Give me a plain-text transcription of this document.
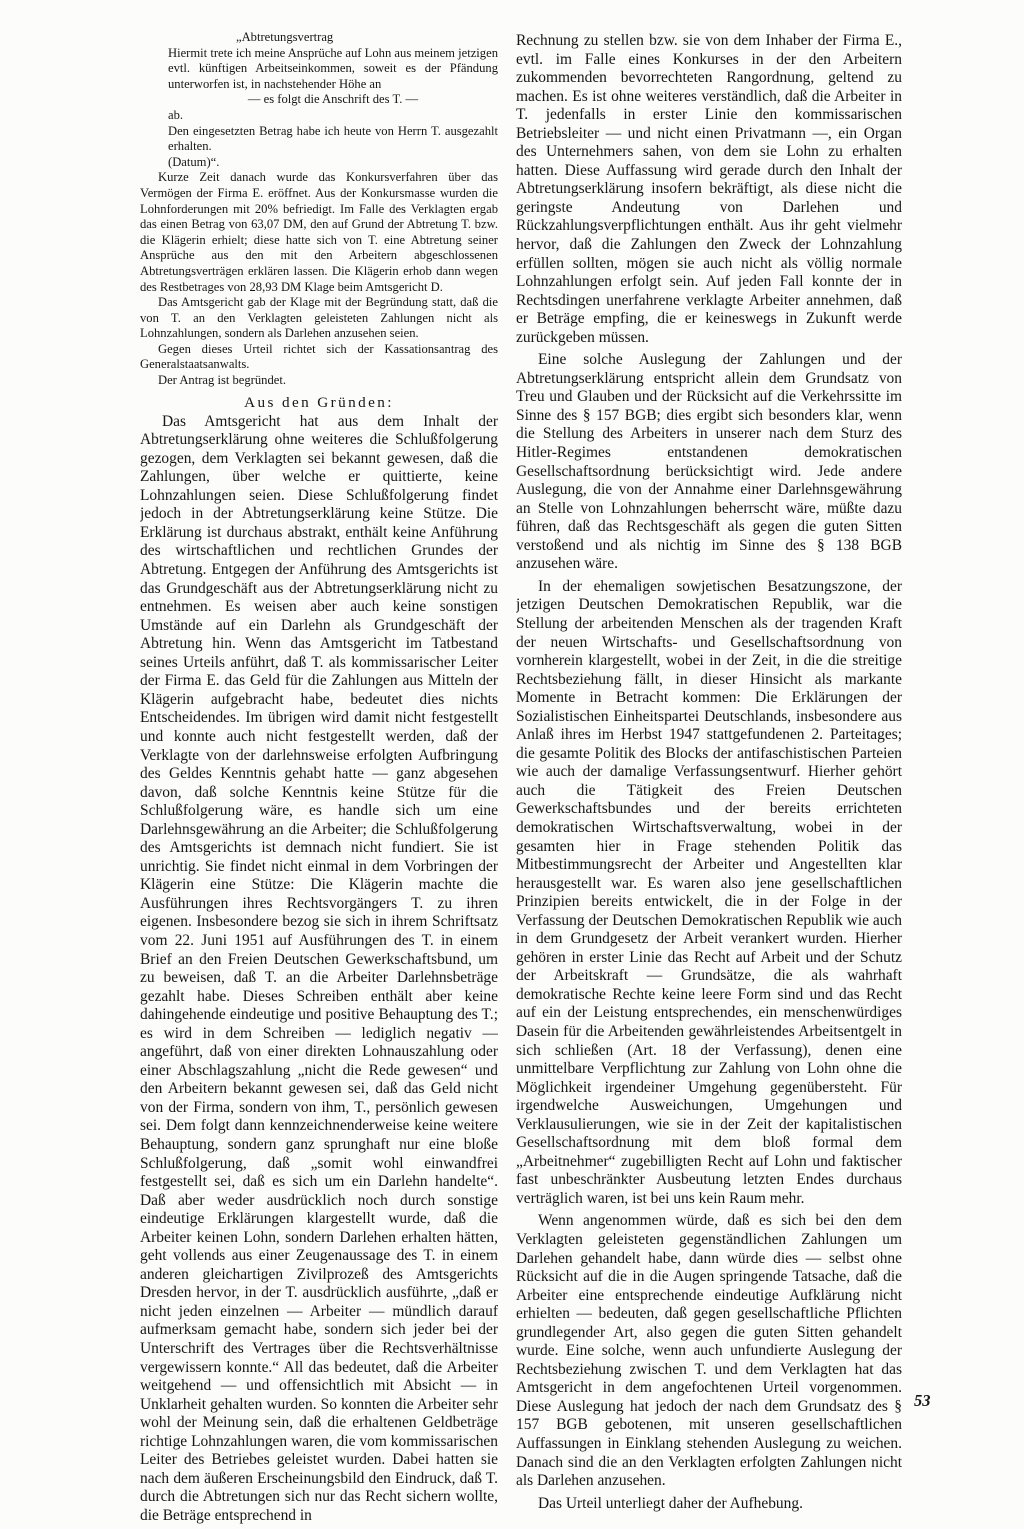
„Abtretungsvertrag

Hiermit trete ich meine Ansprüche auf Lohn aus meinem jetzigen evtl. künftigen Arbeitseinkommen, soweit es der Pfändung unterworfen ist, in nachstehender Höhe an

— es folgt die Anschrift des T. —

ab.

Den eingesetzten Betrag habe ich heute von Herrn T. ausgezahlt erhalten.

(Datum)“.

Kurze Zeit danach wurde das Konkursverfahren über das Vermögen der Firma E. eröffnet. Aus der Konkursmasse wurden die Lohnforderungen mit 20% befriedigt. Im Falle des Verklagten ergab das einen Betrag von 63,07 DM, den auf Grund der Abtretung T. bzw. die Klägerin erhielt; diese hatte sich von T. eine Abtretung seiner Ansprüche aus den mit den Arbeitern abgeschlossenen Abtretungsverträgen erklären lassen. Die Klägerin erhob dann wegen des Restbetrages von 28,93 DM Klage beim Amtsgericht D.

Das Amtsgericht gab der Klage mit der Begründung statt, daß die von T. an den Verklagten geleisteten Zahlungen nicht als Lohnzahlungen, sondern als Darlehen anzusehen seien.

Gegen dieses Urteil richtet sich der Kassationsantrag des Generalstaatsanwalts.

Der Antrag ist begründet.

Aus den Gründen:

Das Amtsgericht hat aus dem Inhalt der Abtretungserklärung ohne weiteres die Schlußfolgerung gezogen, dem Verklagten sei bekannt gewesen, daß die Zahlungen, über welche er quittierte, keine Lohnzahlungen seien. Diese Schlußfolgerung findet jedoch in der Abtretungserklärung keine Stütze. Die Erklärung ist durchaus abstrakt, enthält keine Anführung des wirtschaftlichen und rechtlichen Grundes der Abtretung. Entgegen der Anführung des Amtsgerichts ist das Grundgeschäft aus der Abtretungserklärung nicht zu entnehmen. Es weisen aber auch keine sonstigen Umstände auf ein Darlehn als Grundgeschäft der Abtretung hin. Wenn das Amtsgericht im Tatbestand seines Urteils anführt, daß T. als kommissarischer Leiter der Firma E. das Geld für die Zahlungen aus Mitteln der Klägerin aufgebracht habe, bedeutet dies nichts Entscheidendes. Im übrigen wird damit nicht festgestellt und konnte auch nicht festgestellt werden, daß der Verklagte von der darlehnsweise erfolgten Aufbringung des Geldes Kenntnis gehabt hatte — ganz abgesehen davon, daß solche Kenntnis keine Stütze für die Schlußfolgerung wäre, es handle sich um eine Darlehnsgewährung an die Arbeiter; die Schlußfolgerung des Amtsgerichts ist demnach nicht fundiert. Sie ist unrichtig. Sie findet nicht einmal in dem Vorbringen der Klägerin eine Stütze: Die Klägerin machte die Ausführungen ihres Rechtsvorgängers T. zu ihren eigenen. Insbesondere bezog sie sich in ihrem Schriftsatz vom 22. Juni 1951 auf Ausführungen des T. in einem Brief an den Freien Deutschen Gewerkschaftsbund, um zu beweisen, daß T. an die Arbeiter Darlehnsbeträge gezahlt habe. Dieses Schreiben enthält aber keine dahingehende eindeutige und positive Behauptung des T.; es wird in dem Schreiben — lediglich negativ — angeführt, daß von einer direkten Lohnauszahlung oder einer Abschlagszahlung „nicht die Rede gewesen“ und den Arbeitern bekannt gewesen sei, daß das Geld nicht von der Firma, sondern von ihm, T., persönlich gewesen sei. Dem folgt dann kennzeichnenderweise keine weitere Behauptung, sondern ganz sprunghaft nur eine bloße Schlußfolgerung, daß „somit wohl einwandfrei festgestellt sei, daß es sich um ein Darlehn handelte“. Daß aber weder ausdrücklich noch durch sonstige eindeutige Erklärungen klargestellt wurde, daß die Arbeiter keinen Lohn, sondern Darlehen erhalten hätten, geht vollends aus einer Zeugenaussage des T. in einem anderen gleichartigen Zivilprozeß des Amtsgerichts Dresden hervor, in der T. ausdrücklich ausführte, „daß er nicht jeden einzelnen — Arbeiter — mündlich darauf aufmerksam gemacht habe, sondern sich jeder bei der Unterschrift des Vertrages über die Rechtsverhältnisse vergewissern konnte.“ All das bedeutet, daß die Arbeiter weitgehend — und offensichtlich mit Absicht — in Unklarheit gehalten wurden. So konnten die Arbeiter sehr wohl der Meinung sein, daß die erhaltenen Geldbeträge richtige Lohnzahlungen waren, die vom kommissarischen Leiter des Betriebes geleistet wurden. Dabei hatten sie nach dem äußeren Erscheinungsbild den Eindruck, daß T. durch die Abtretungen sich nur das Recht sichern wollte, die Beträge entsprechend in

Rechnung zu stellen bzw. sie von dem Inhaber der Firma E., evtl. im Falle eines Konkurses in der den Arbeitern zukommenden bevorrechteten Rangordnung, geltend zu machen. Es ist ohne weiteres verständlich, daß die Arbeiter in T. jedenfalls in erster Linie den kommissarischen Betriebsleiter — und nicht einen Privatmann —, ein Organ des Unternehmers sahen, von dem sie Lohn zu erhalten hatten. Diese Auffassung wird gerade durch den Inhalt der Abtretungserklärung insofern bekräftigt, als diese nicht die geringste Andeutung von Darlehen und Rückzahlungsverpflichtungen enthält. Aus ihr geht vielmehr hervor, daß die Zahlungen den Zweck der Lohnzahlung erfüllen sollten, mögen sie auch nicht als völlig normale Lohnzahlungen erfolgt sein. Auf jeden Fall konnte der in Rechtsdingen unerfahrene verklagte Arbeiter annehmen, daß er Beträge empfing, die er keineswegs in Zukunft werde zurückgeben müssen.

Eine solche Auslegung der Zahlungen und der Abtretungserklärung entspricht allein dem Grundsatz von Treu und Glauben und der Rücksicht auf die Verkehrssitte im Sinne des § 157 BGB; dies ergibt sich besonders klar, wenn die Stellung des Arbeiters in unserer nach dem Sturz des Hitler-Regimes entstandenen demokratischen Gesellschaftsordnung berücksichtigt wird. Jede andere Auslegung, die von der Annahme einer Darlehnsgewährung an Stelle von Lohnzahlungen beherrscht wäre, müßte dazu führen, daß das Rechtsgeschäft als gegen die guten Sitten verstoßend und als nichtig im Sinne des § 138 BGB anzusehen wäre.

In der ehemaligen sowjetischen Besatzungszone, der jetzigen Deutschen Demokratischen Republik, war die Stellung der arbeitenden Menschen als der tragenden Kraft der neuen Wirtschafts- und Gesellschaftsordnung von vornherein klargestellt, wobei in der Zeit, in die die streitige Rechtsbeziehung fällt, in dieser Hinsicht als markante Momente in Betracht kommen: Die Erklärungen der Sozialistischen Einheitspartei Deutschlands, insbesondere aus Anlaß ihres im Herbst 1947 stattgefundenen 2. Parteitages; die gesamte Politik des Blocks der antifaschistischen Parteien wie auch der damalige Verfassungsentwurf. Hierher gehört auch die Tätigkeit des Freien Deutschen Gewerkschaftsbundes und der bereits errichteten demokratischen Wirtschaftsverwaltung, wobei in der gesamten hier in Frage stehenden Politik das Mitbestimmungsrecht der Arbeiter und Angestellten klar herausgestellt war. Es waren also jene gesellschaftlichen Prinzipien bereits entwickelt, die in der Folge in der Verfassung der Deutschen Demokratischen Republik wie auch in dem Grundgesetz der Arbeit verankert wurden. Hierher gehören in erster Linie das Recht auf Arbeit und der Schutz der Arbeitskraft — Grundsätze, die als wahrhaft demokratische Rechte keine leere Form sind und das Recht auf ein der Leistung entsprechendes, ein menschenwürdiges Dasein für die Arbeitenden gewährleistendes Arbeitsentgelt in sich schließen (Art. 18 der Verfassung), denen eine unmittelbare Verpflichtung zur Zahlung von Lohn ohne die Möglichkeit irgendeiner Umgehung gegenübersteht. Für irgendwelche Ausweichungen, Umgehungen und Verklausulierungen, wie sie in der Zeit der kapitalistischen Gesellschaftsordnung mit dem bloß formal dem „Arbeitnehmer“ zugebilligten Recht auf Lohn und faktischer fast unbeschränkter Ausbeutung letzten Endes durchaus verträglich waren, ist bei uns kein Raum mehr.

Wenn angenommen würde, daß es sich bei den dem Verklagten geleisteten gegenständlichen Zahlungen um Darlehen gehandelt habe, dann würde dies — selbst ohne Rücksicht auf die in die Augen springende Tatsache, daß die Arbeiter eine entsprechende eindeutige Aufklärung nicht erhielten — bedeuten, daß gegen gesellschaftliche Pflichten grundlegender Art, also gegen die guten Sitten gehandelt wurde. Eine solche, wenn auch unfundierte Auslegung der Rechtsbeziehung zwischen T. und dem Verklagten hat das Amtsgericht in dem angefochtenen Urteil vorgenommen. Diese Auslegung hat jedoch der nach dem Grundsatz des § 157 BGB gebotenen, mit unseren gesellschaftlichen Auffassungen in Einklang stehenden Auslegung zu weichen. Danach sind die an den Verklagten erfolgten Zahlungen nicht als Darlehen anzusehen.

Das Urteil unterliegt daher der Aufhebung.

53
